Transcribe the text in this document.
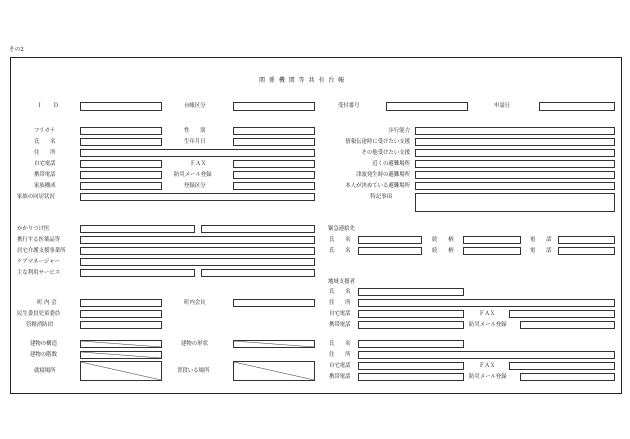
その2
関 係 機 関 等 共 有 台 帳
Ｉ　　Ｄ	台帳区分	受付番号	申請日
フリガナ	性　　別
氏　　名	生年月日
住　　所
自宅電話	ＦＡＸ
携帯電話	防災メール登録
家族構成	登録区分
家族の同居状況
歩行能力
情報伝達時に受けたい支援
その他受けたい支援
近くの避難場所
津波発生時の避難場所
本人が決めている避難場所
特記事項
かかりつけ医
携行する医薬品等
居宅介護支援事業所
ケアマネージャー
主な利用サービス
緊急連絡先
氏　　名	続　　柄	電　　話
氏　　名	続　　柄	電　　話
町 内 会	町内会長
民生委員児童委員
管轄消防団
地域支援者
氏　　名
住　　所
自宅電話	ＦＡＸ
携帯電話	防災メール登録
建物の構造	建物の形状
建物の階数
就寝場所	普段いる場所
氏　　名
住　　所
自宅電話	ＦＡＸ
携帯電話	防災メール登録
